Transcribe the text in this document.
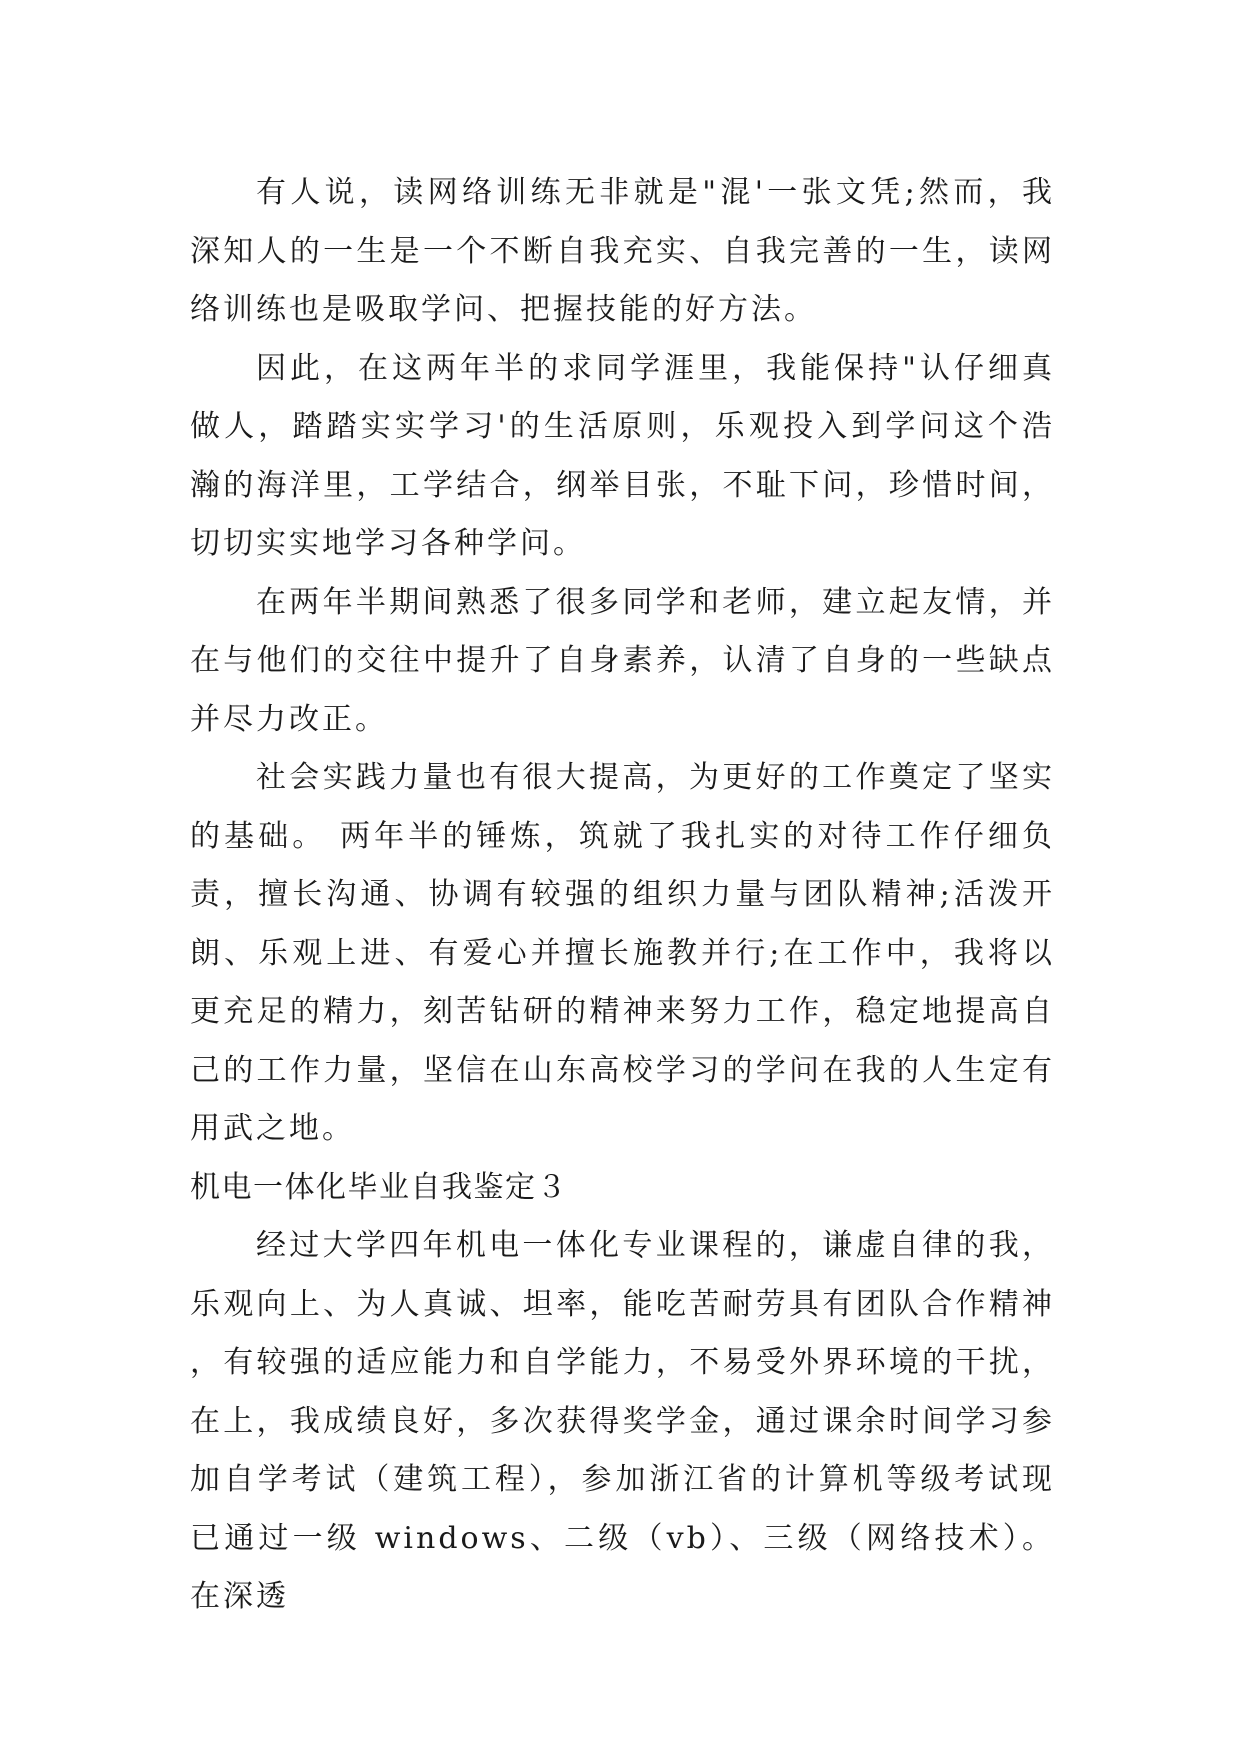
有人说，读网络训练无非就是"混'一张文凭;然而，我深知人的一生是一个不断自我充实、自我完善的一生，读网络训练也是吸取学问、把握技能的好方法。

因此，在这两年半的求同学涯里，我能保持"认仔细真做人，踏踏实实学习'的生活原则，乐观投入到学问这个浩瀚的海洋里，工学结合，纲举目张，不耻下问，珍惜时间，切切实实地学习各种学问。

在两年半期间熟悉了很多同学和老师，建立起友情，并在与他们的交往中提升了自身素养，认清了自身的一些缺点并尽力改正。

社会实践力量也有很大提高，为更好的工作奠定了坚实的基础。 两年半的锤炼，筑就了我扎实的对待工作仔细负责，擅长沟通、协调有较强的组织力量与团队精神;活泼开朗、乐观上进、有爱心并擅长施教并行;在工作中，我将以更充足的精力，刻苦钻研的精神来努力工作，稳定地提高自己的工作力量，坚信在山东高校学习的学问在我的人生定有用武之地。

机电一体化毕业自我鉴定３

经过大学四年机电一体化专业课程的，谦虚自律的我，乐观向上、为人真诚、坦率，能吃苦耐劳具有团队合作精神，有较强的适应能力和自学能力，不易受外界环境的干扰，在上，我成绩良好，多次获得奖学金，通过课余时间学习参加自学考试（建筑工程），参加浙江省的计算机等级考试现已通过一级 windows、二级（vb）、三级（网络技术）。在深透
